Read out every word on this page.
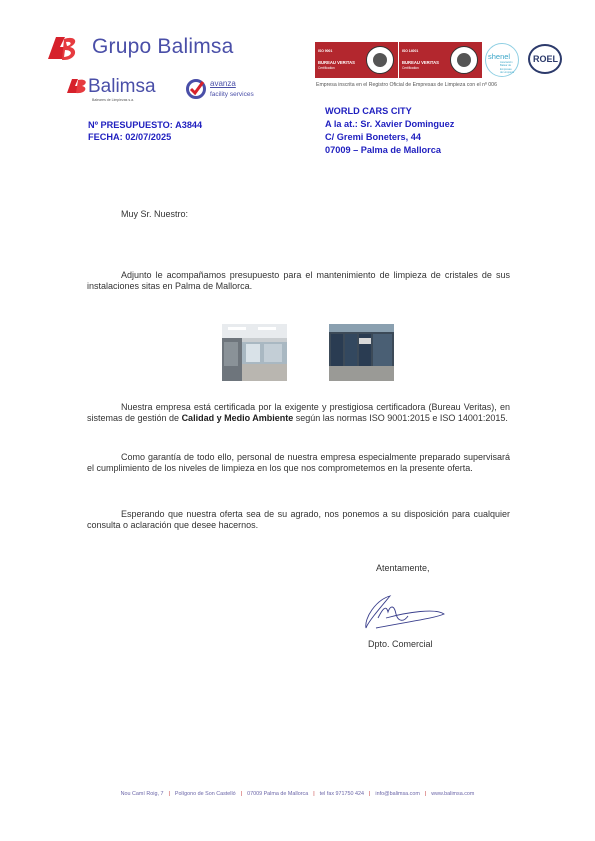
Grupo Balimsa
Balimsa
Baleares de Limpiezas s.a.
avanza
facility services
ISO 9001
BUREAU VERITAS
Certification
ISO 14001
BUREAU VERITAS
Certification
shenel
Asociación Balear de Empresas de Limpieza
ROEL
Empresa inscrita en el Registro Oficial de Empresas de Limpieza con el nº 006
Nº PRESUPUESTO: A3844
FECHA: 02/07/2025
WORLD CARS CITY
A la at.: Sr. Xavier Dominguez
C/ Gremi Boneters, 44
07009 – Palma de Mallorca
Muy Sr. Nuestro:
Adjunto le acompañamos presupuesto para el mantenimiento de limpieza de cristales de sus instalaciones sitas en Palma de Mallorca.
Nuestra empresa está certificada por la exigente y prestigiosa certificadora (Bureau Veritas), en sistemas de gestión de Calidad y Medio Ambiente según las normas ISO 9001:2015 e ISO 14001:2015.
Como garantía de todo ello, personal de nuestra empresa especialmente preparado supervisará el cumplimiento de los niveles de limpieza en los que nos comprometemos en la presente oferta.
Esperando que nuestra oferta sea de su agrado, nos ponemos a su disposición para cualquier consulta o aclaración que desee hacernos.
Atentamente,
Dpto. Comercial
Nou Camí Roig, 7 | Polígono de Son Castelló | 07009 Palma de Mallorca | tel fax 971750 424 | info@balimsa.com | www.balimsa.com
